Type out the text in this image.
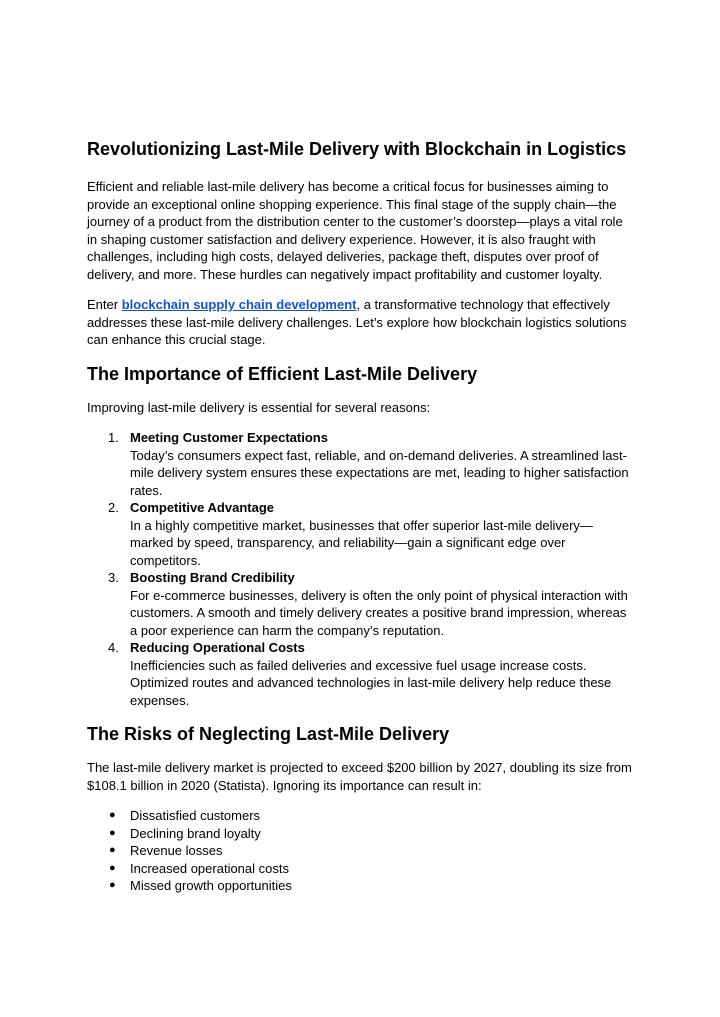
Revolutionizing Last-Mile Delivery with Blockchain in Logistics

Efficient and reliable last-mile delivery has become a critical focus for businesses aiming to provide an exceptional online shopping experience. This final stage of the supply chain—the journey of a product from the distribution center to the customer’s doorstep—plays a vital role in shaping customer satisfaction and delivery experience. However, it is also fraught with challenges, including high costs, delayed deliveries, package theft, disputes over proof of delivery, and more. These hurdles can negatively impact profitability and customer loyalty.

Enter blockchain supply chain development, a transformative technology that effectively addresses these last-mile delivery challenges. Let’s explore how blockchain logistics solutions can enhance this crucial stage.

The Importance of Efficient Last-Mile Delivery

Improving last-mile delivery is essential for several reasons:

1. Meeting Customer Expectations
Today’s consumers expect fast, reliable, and on-demand deliveries. A streamlined last-mile delivery system ensures these expectations are met, leading to higher satisfaction rates.
2. Competitive Advantage
In a highly competitive market, businesses that offer superior last-mile delivery—marked by speed, transparency, and reliability—gain a significant edge over competitors.
3. Boosting Brand Credibility
For e-commerce businesses, delivery is often the only point of physical interaction with customers. A smooth and timely delivery creates a positive brand impression, whereas a poor experience can harm the company’s reputation.
4. Reducing Operational Costs
Inefficiencies such as failed deliveries and excessive fuel usage increase costs. Optimized routes and advanced technologies in last-mile delivery help reduce these expenses.
The Risks of Neglecting Last-Mile Delivery

The last-mile delivery market is projected to exceed $200 billion by 2027, doubling its size from $108.1 billion in 2020 (Statista). Ignoring its importance can result in:

● Dissatisfied customers
● Declining brand loyalty
● Revenue losses
● Increased operational costs
● Missed growth opportunities
